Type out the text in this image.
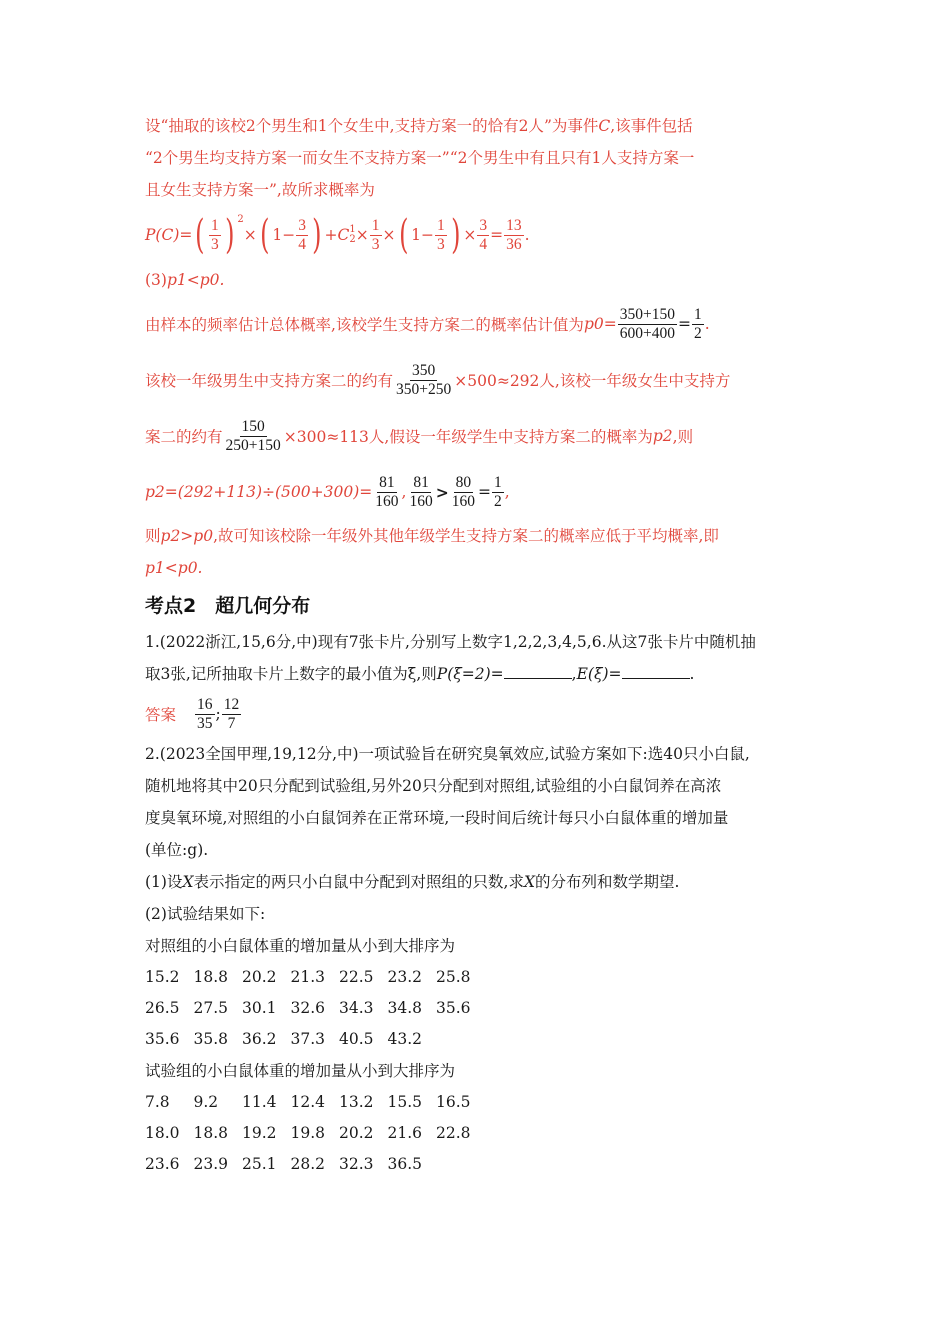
设“抽取的该校2个男生和1个女生中,支持方案一的恰有2人”为事件C,该事件包括
“2个男生均支持方案一而女生不支持方案一”“2个男生中有且只有1人支持方案一
且女生支持方案一”,故所求概率为
P(C)= ( $\frac{1}{3}$ ) $^2$
× ( $1- \frac{3}{4}$ ) + C 1
$2 \times \frac{1}{3}$ × ( $1- \frac{1}{3}$ ) × $\frac{3}{4} = \frac{13}{36}$ .
(3)p1<p0.
由样本的频率估计总体概率,该校学生支持方案二的概率估计值为 $p0= \frac{350+150}{600+400} = \frac{1}{2}$ .
该校一年级男生中支持方案二的约有 $\frac{350}{350+250} \times 500\approx 292$人,该校一年级女生中支持方
案二的约有 $\frac{150}{250+150} \times 300\approx 113$人,假设一年级学生中支持方案二的概率为 p2 ,则
$p2=(292+113)\div(500+300)= \frac{81}{160}$ , $\frac{81}{160} > \frac{80}{160} = \frac{1}{2}$ ,
则p2>p0,故可知该校除一年级外其他年级学生支持方案二的概率应低于平均概率,即
p1<p0.
考点2　超几何分布
1.(2022浙江,15,6分,中)现有7张卡片,分别写上数字1,2,2,3,4,5,6.从这7张卡片中随机抽
取3张,记所抽取卡片上数字的最小值为ξ,则P(ξ=2)=	,E(ξ)=	.
答案 $\frac{16}{35}$ ; $\frac{12}{7}$
2.(2023全国甲理,19,12分,中)一项试验旨在研究臭氧效应,试验方案如下:选40只小白鼠,
随机地将其中20只分配到试验组,另外20只分配到对照组,试验组的小白鼠饲养在高浓
度臭氧环境,对照组的小白鼠饲养在正常环境,一段时间后统计每只小白鼠体重的增加量
(单位:g).
(1)设X表示指定的两只小白鼠中分配到对照组的只数,求X的分布列和数学期望.
(2)试验结果如下:
对照组的小白鼠体重的增加量从小到大排序为
15.2 18.8 20.2 21.3 22.5 23.2 25.8
26.5 27.5 30.1 32.6 34.3 34.8 35.6
35.6 35.8 36.2 37.3 40.5 43.2
试验组的小白鼠体重的增加量从小到大排序为
7.8	9.2	11.4 12.4 13.2 15.5 16.5
18.0 18.8 19.2 19.8 20.2 21.6 22.8
23.6 23.9 25.1 28.2 32.3 36.5
